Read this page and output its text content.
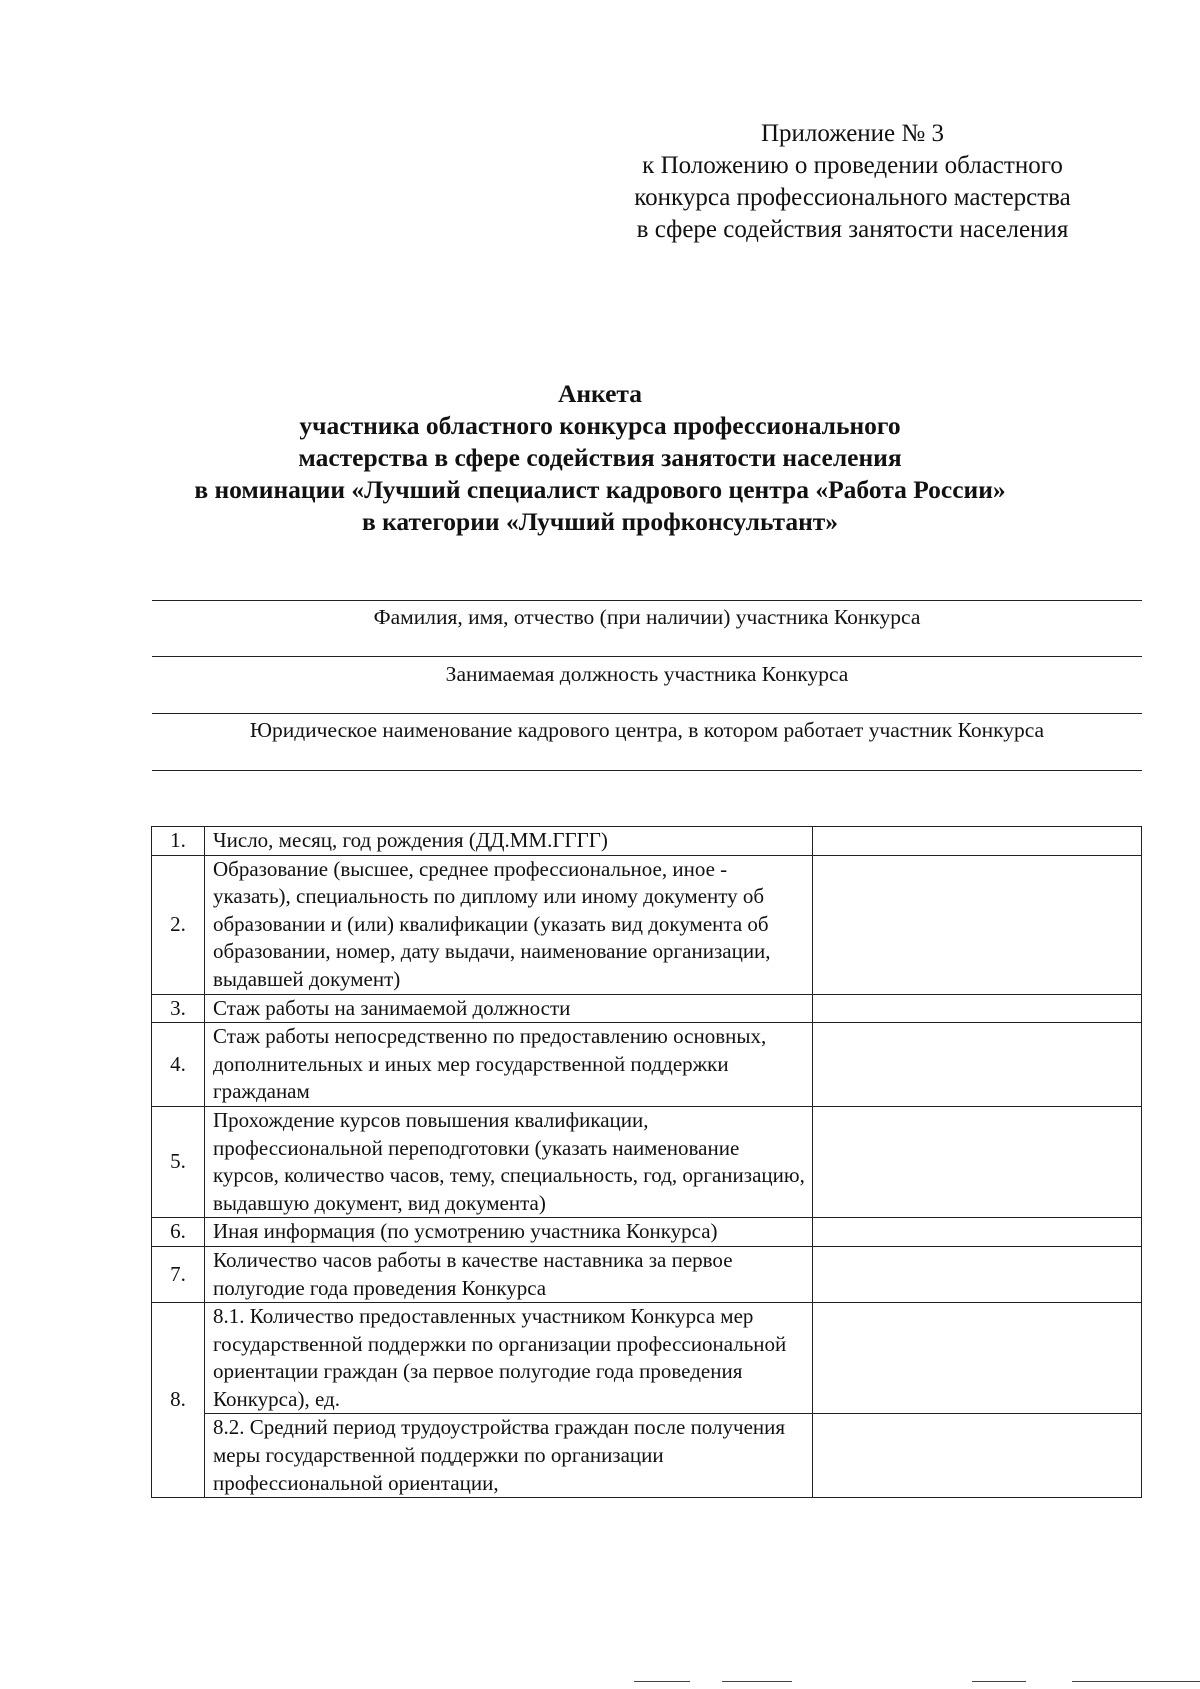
Приложение № 3
к Положению о проведении областного
конкурса профессионального мастерства
в сфере содействия занятости населения
Анкета
участника областного конкурса профессионального
мастерства в сфере содействия занятости населения
в номинации «Лучший специалист кадрового центра «Работа России»
в категории «Лучший профконсультант»
Фамилия, имя, отчество (при наличии) участника Конкурса
Занимаемая должность участника Конкурса
Юридическое наименование кадрового центра, в котором работает участник Конкурса
1.	Число, месяц, год рождения (ДД.ММ.ГГГГ)	
2.	Образование (высшее, среднее профессиональное, иное - указать), специальность по диплому или иному документу об образовании и (или) квалификации (указать вид документа об образовании, номер, дату выдачи, наименование организации, выдавшей документ)	
3.	Стаж работы на занимаемой должности	
4.	Стаж работы непосредственно по предоставлению основных, дополнительных и иных мер государственной поддержки гражданам	
5.	Прохождение курсов повышения квалификации, профессиональной переподготовки (указать наименование курсов, количество часов, тему, специальность, год, организацию, выдавшую документ, вид документа)	
6.	Иная информация (по усмотрению участника Конкурса)	
7.	Количество часов работы в качестве наставника за первое полугодие года проведения Конкурса	
8.	8.1. Количество предоставленных участником Конкурса мер государственной поддержки по организации профессиональной ориентации граждан (за первое полугодие года проведения Конкурса), ед.	
	8.2. Средний период трудоустройства граждан после получения меры государственной поддержки по организации профессиональной ориентации,	
